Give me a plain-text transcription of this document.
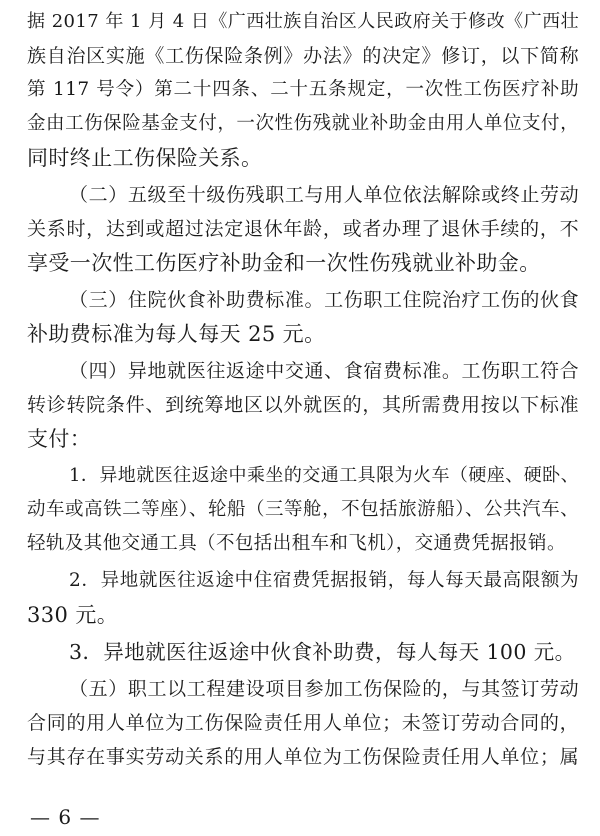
据 2017 年 1 月 4 日《广西壮族自治区人民政府关于修改《广西壮
族自治区实施《工伤保险条例》办法》的决定》修订，以下简称
第 117 号令）第二十四条、二十五条规定，一次性工伤医疗补助
金由工伤保险基金支付，一次性伤残就业补助金由用人单位支付，
同时终止工伤保险关系。
（二）五级至十级伤残职工与用人单位依法解除或终止劳动
关系时，达到或超过法定退休年龄，或者办理了退休手续的，不
享受一次性工伤医疗补助金和一次性伤残就业补助金。
（三）住院伙食补助费标准。工伤职工住院治疗工伤的伙食
补助费标准为每人每天 25 元。
（四）异地就医往返途中交通、食宿费标准。工伤职工符合
转诊转院条件、到统筹地区以外就医的，其所需费用按以下标准
支付：
1．异地就医往返途中乘坐的交通工具限为火车（硬座、硬卧、
动车或高铁二等座）、轮船（三等舱，不包括旅游船）、公共汽车、
轻轨及其他交通工具（不包括出租车和飞机），交通费凭据报销。
2．异地就医往返途中住宿费凭据报销，每人每天最高限额为
330 元。
3．异地就医往返途中伙食补助费，每人每天 100 元。
（五）职工以工程建设项目参加工伤保险的，与其签订劳动
合同的用人单位为工伤保险责任用人单位；未签订劳动合同的，
与其存在事实劳动关系的用人单位为工伤保险责任用人单位；属
— 6 —
